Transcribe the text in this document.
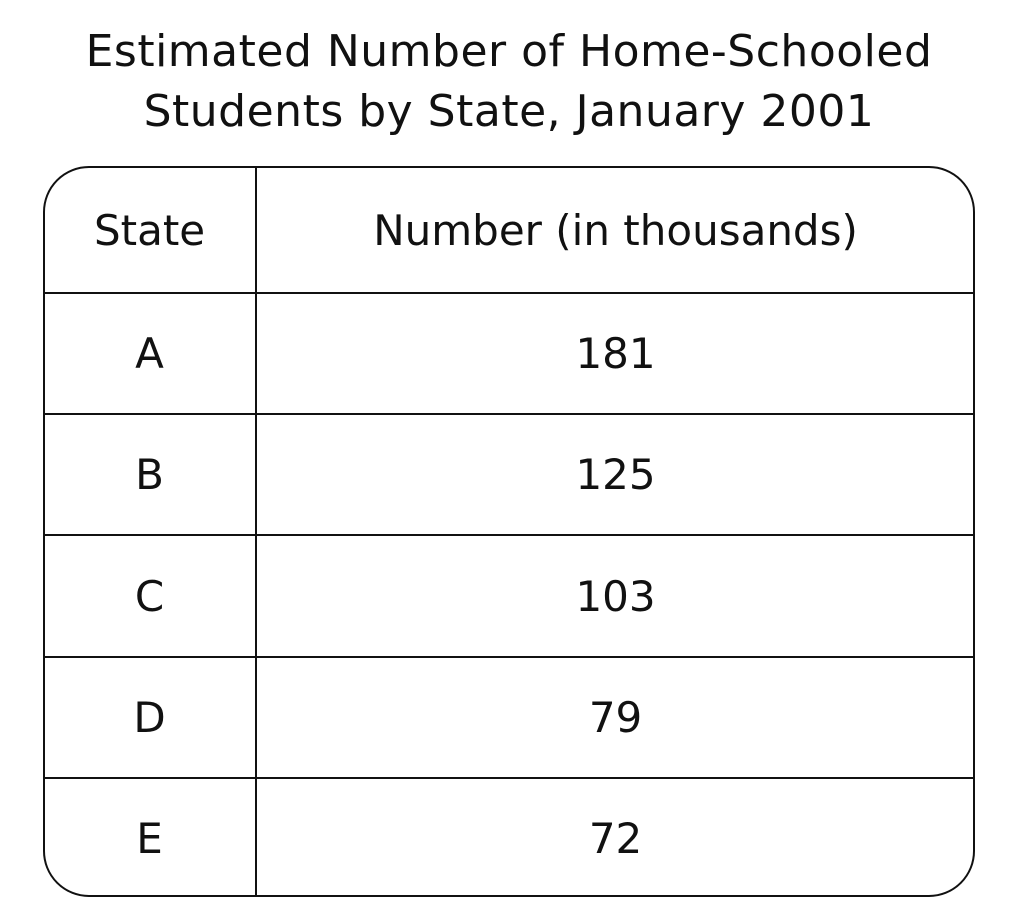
Estimated Number of Home-Schooled
Students by State, January 2001
State	Number (in thousands)
A	181
B	125
C	103
D	79
E	72
